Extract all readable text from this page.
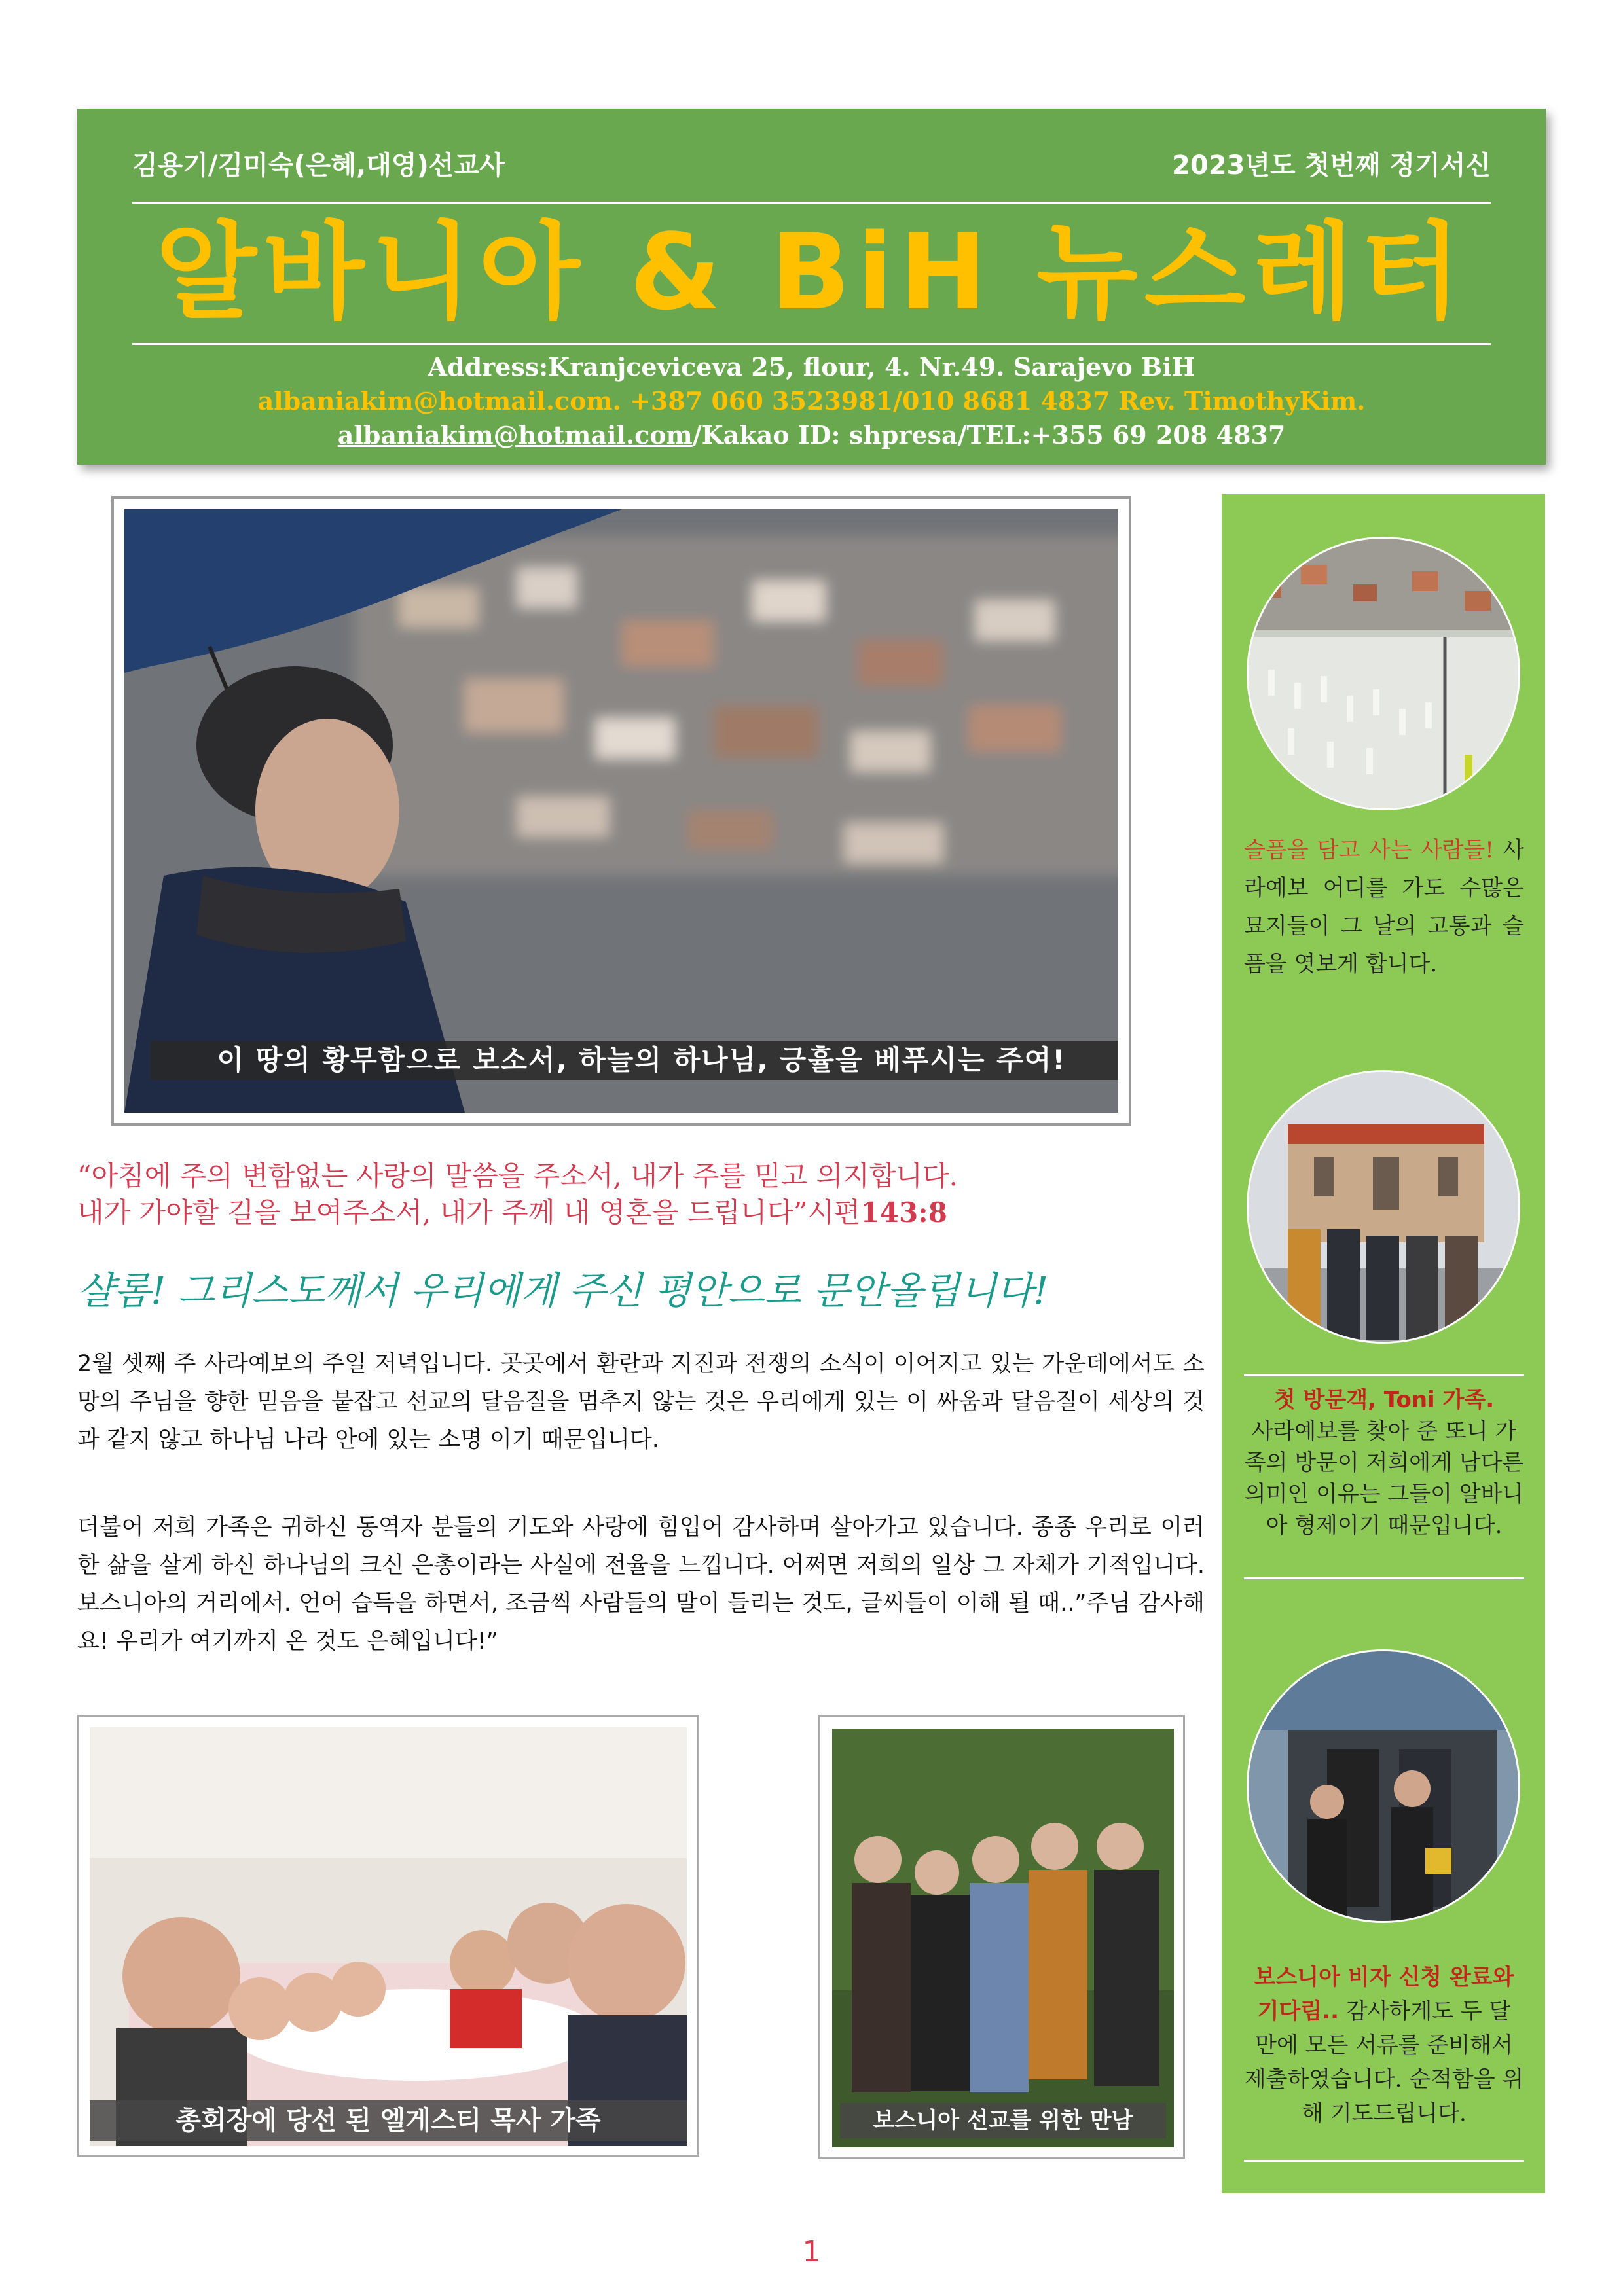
김용기/김미숙(은혜,대영)선교사	2023년도 첫번째 정기서신
알바니아 & BiH 뉴스레터
Address:Kranjceviceva 25, flour, 4. Nr.49. Sarajevo BiH
albaniakim@hotmail.com. +387 060 3523981/010 8681 4837 Rev. TimothyKim.
albaniakim@hotmail.com/Kakao ID: shpresa/TEL:+355 69 208 4837
이 땅의 황무함으로 보소서, 하늘의 하나님, 긍휼을 베푸시는 주여!
“아침에 주의 변함없는 사랑의 말씀을 주소서, 내가 주를 믿고 의지합니다.
내가 가야할 길을 보여주소서, 내가 주께 내 영혼을 드립니다”시편143:8
샬롬! 그리스도께서 우리에게 주신 평안으로 문안올립니다!
2월 셋째 주 사라예보의 주일 저녁입니다. 곳곳에서 환란과 지진과 전쟁의 소식이 이어지고 있는 가운데에서도 소망의 주님을 향한 믿음을 붙잡고 선교의 달음질을 멈추지 않는 것은 우리에게 있는 이 싸움과 달음질이 세상의 것과 같지 않고 하나님 나라 안에 있는 소명 이기 때문입니다.
더불어 저희 가족은 귀하신 동역자 분들의 기도와 사랑에 힘입어 감사하며 살아가고 있습니다. 종종 우리로 이러한 삶을 살게 하신 하나님의 크신 은총이라는 사실에 전율을 느낍니다. 어쩌면 저희의 일상 그 자체가 기적입니다. 보스니아의 거리에서. 언어 습득을 하면서, 조금씩 사람들의 말이 들리는 것도, 글씨들이 이해 될 때..”주님 감사해요! 우리가 여기까지 온 것도 은혜입니다!”
총회장에 당선 된 엘게스티 목사 가족	보스니아 선교를 위한 만남
슬픔을 담고 사는 사람들! 사라예보 어디를 가도 수많은 묘지들이 그 날의 고통과 슬픔을 엿보게 합니다.
첫 방문객, Toni 가족.
사라예보를 찾아 준 또니 가족의 방문이 저희에게 남다른 의미인 이유는 그들이 알바니아 형제이기 때문입니다.
보스니아 비자 신청 완료와 기다림.. 감사하게도 두 달 만에 모든 서류를 준비해서 제출하였습니다. 순적함을 위해 기도드립니다.
1
